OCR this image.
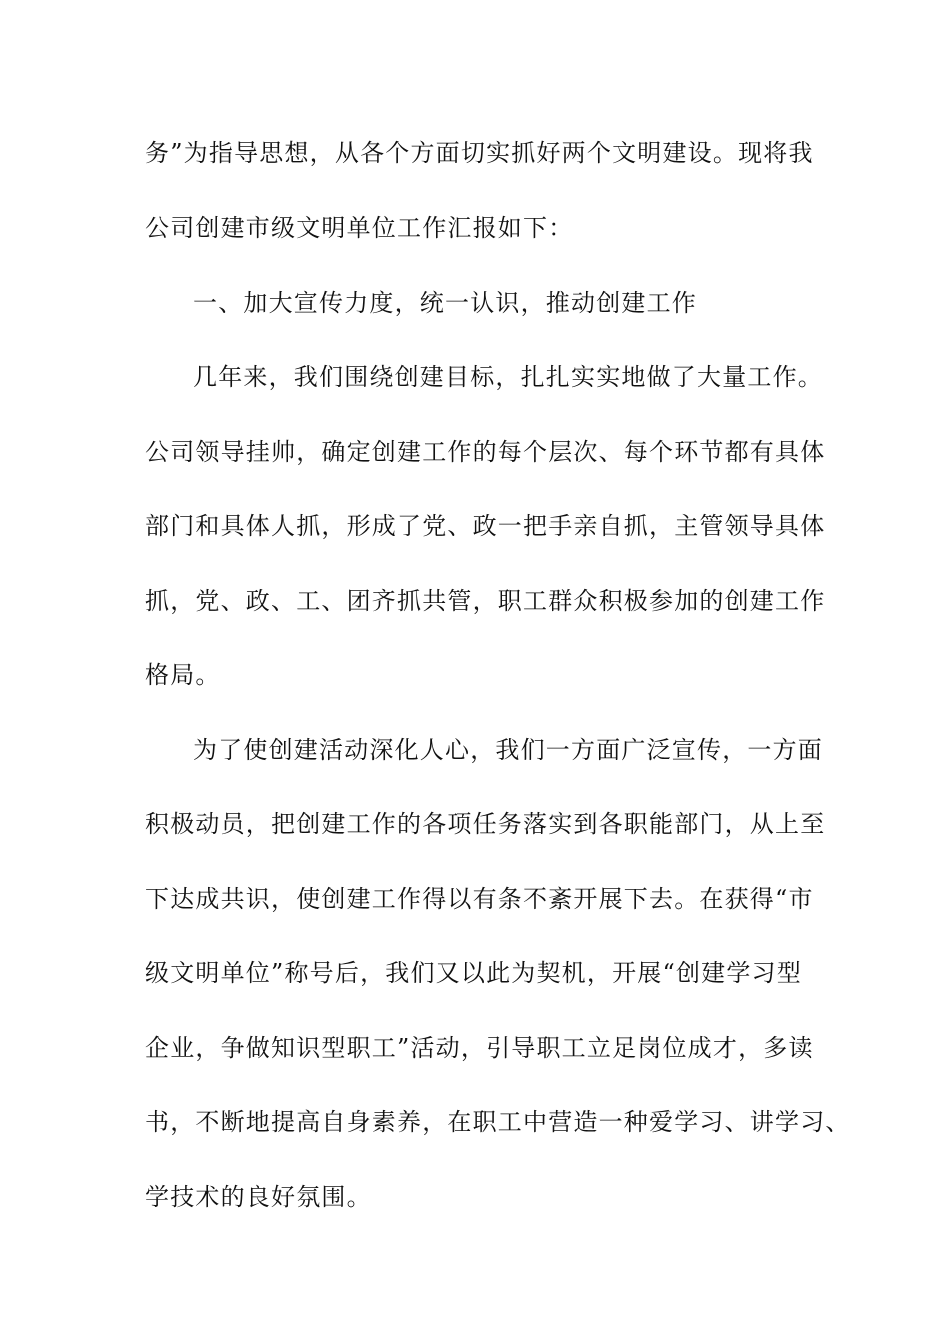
务”为指导思想，从各个方面切实抓好两个文明建设。现将我
公司创建市级文明单位工作汇报如下：
一、加大宣传力度，统一认识，推动创建工作
几年来，我们围绕创建目标，扎扎实实地做了大量工作。
公司领导挂帅，确定创建工作的每个层次、每个环节都有具体
部门和具体人抓，形成了党、政一把手亲自抓，主管领导具体
抓，党、政、工、团齐抓共管，职工群众积极参加的创建工作
格局。
为了使创建活动深化人心，我们一方面广泛宣传，一方面
积极动员，把创建工作的各项任务落实到各职能部门，从上至
下达成共识，使创建工作得以有条不紊开展下去。在获得“市
级文明单位”称号后，我们又以此为契机，开展“创建学习型
企业，争做知识型职工”活动，引导职工立足岗位成才，多读
书，不断地提高自身素养，在职工中营造一种爱学习、讲学习、
学技术的良好氛围。
